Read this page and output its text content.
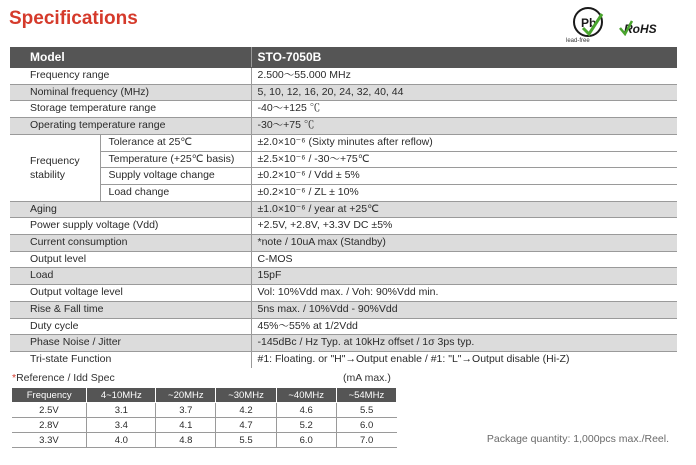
Specifications	Pb
lead-free
RoHS
Model		STO-7050B
Frequency range		2.500～55.000 MHz
Nominal frequency (MHz)		5, 10, 12, 16, 20, 24, 32, 40, 44
Storage temperature range		-40～+125 ℃
Operating temperature range		-30～+75 ℃
Frequency
stability	Tolerance at 25℃	±2.0×10⁻⁶ (Sixty minutes after reflow)
	Temperature (+25℃ basis)	±2.5×10⁻⁶ / -30～+75℃
	Supply voltage change	±0.2×10⁻⁶ / Vdd ± 5%
	Load change	±0.2×10⁻⁶ / ZL ± 10%
Aging		±1.0×10⁻⁶ / year at +25℃
Power supply voltage (Vdd)		+2.5V, +2.8V, +3.3V DC ±5%
Current consumption		*note / 10uA max (Standby)
Output level		C-MOS
Load		15pF
Output voltage level		Vol: 10%Vdd max. / Voh: 90%Vdd min.
Rise & Fall time		5ns max. / 10%Vdd - 90%Vdd
Duty cycle		45%～55% at 1/2Vdd
Phase Noise / Jitter		-145dBc / Hz Typ. at 10kHz offset / 1σ 3ps typ.
Tri-state Function		#1: Floating. or "H"→Output enable / #1: "L"→Output disable (Hi-Z)
*Reference / Idd Spec	(mA max.)
Frequency	4~10MHz	~20MHz	~30MHz	~40MHz	~54MHz
2.5V	3.1	3.7	4.2	4.6	5.5
2.8V	3.4	4.1	4.7	5.2	6.0
3.3V	4.0	4.8	5.5	6.0	7.0	Package quantity: 1,000pcs max./Reel.
